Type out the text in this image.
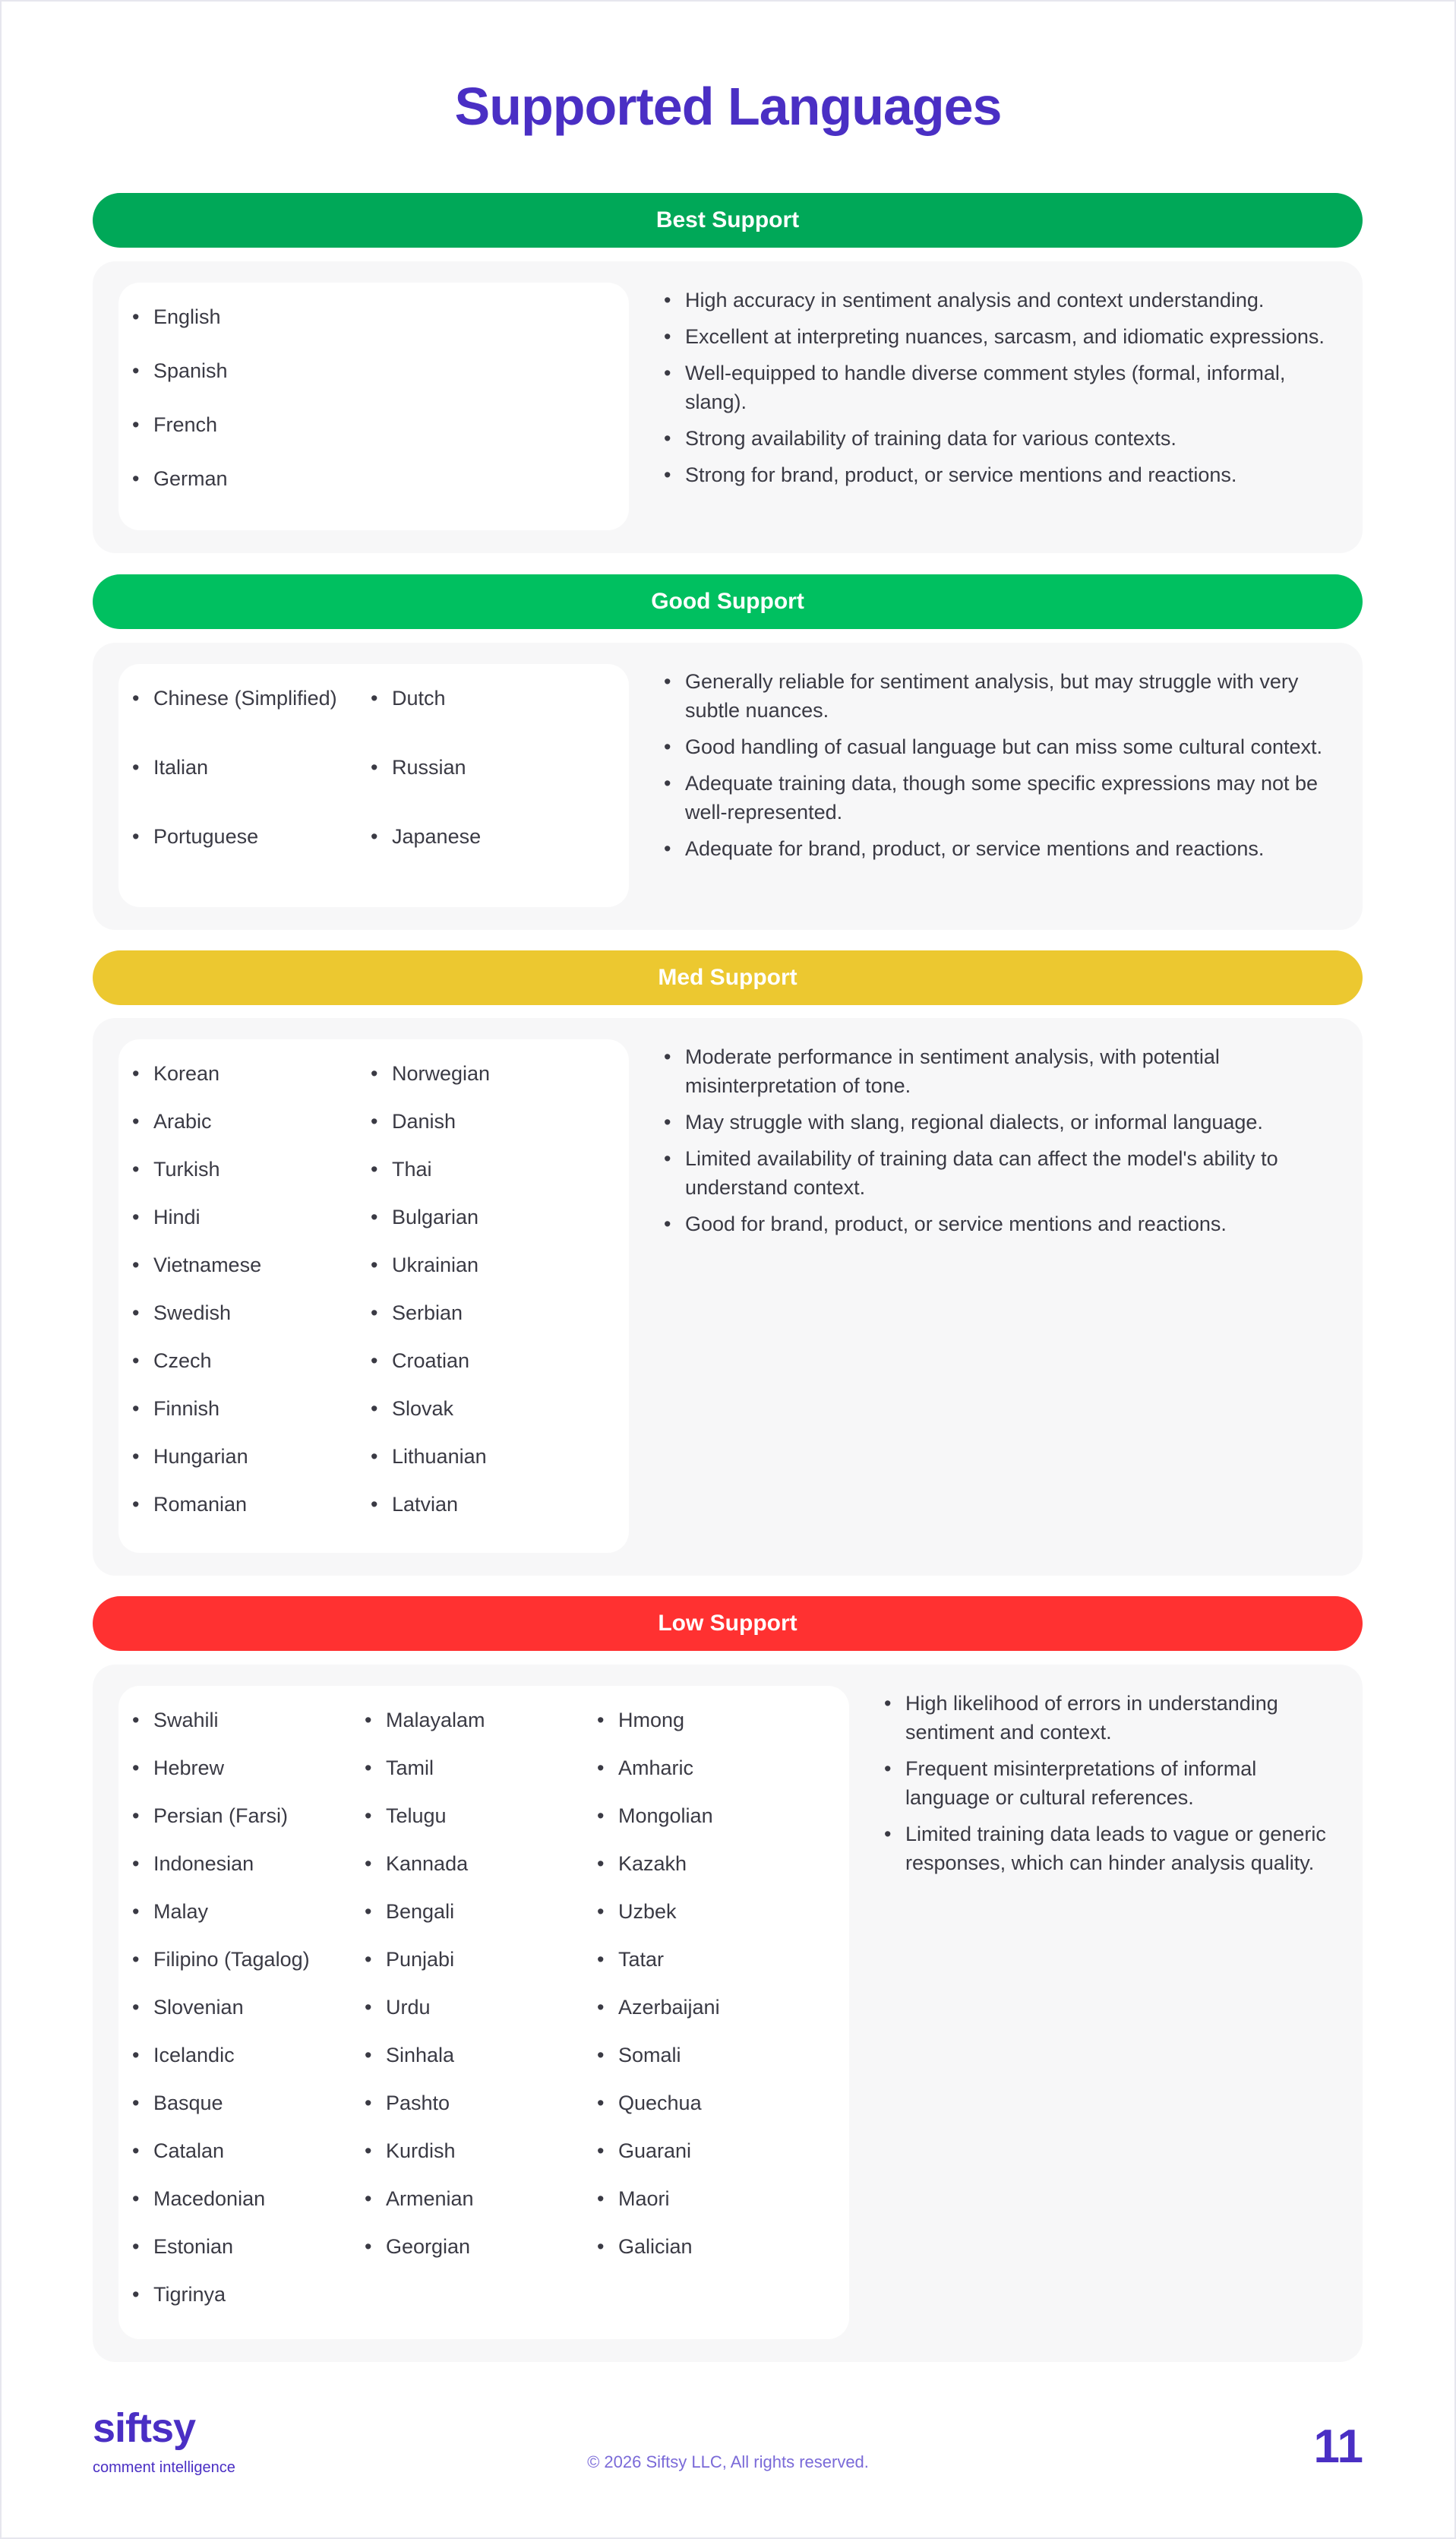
Supported Languages
Best Support
• English
• Spanish
• French
• German
• High accuracy in sentiment analysis and context understanding.
• Excellent at interpreting nuances, sarcasm, and idiomatic expressions.
• Well-equipped to handle diverse comment styles (formal, informal, slang).
• Strong availability of training data for various contexts.
• Strong for brand, product, or service mentions and reactions.
Good Support
• Chinese (Simplified)
• Italian
• Portuguese
• Dutch
• Russian
• Japanese
• Generally reliable for sentiment analysis, but may struggle with very subtle nuances.
• Good handling of casual language but can miss some cultural context.
• Adequate training data, though some specific expressions may not be well-represented.
• Adequate for brand, product, or service mentions and reactions.
Med Support
• Korean
• Arabic
• Turkish
• Hindi
• Vietnamese
• Swedish
• Czech
• Finnish
• Hungarian
• Romanian
• Norwegian
• Danish
• Thai
• Bulgarian
• Ukrainian
• Serbian
• Croatian
• Slovak
• Lithuanian
• Latvian
• Moderate performance in sentiment analysis, with potential misinterpretation of tone.
• May struggle with slang, regional dialects, or informal language.
• Limited availability of training data can affect the model's ability to understand context.
• Good for brand, product, or service mentions and reactions.
Low Support
• Swahili
• Hebrew
• Persian (Farsi)
• Indonesian
• Malay
• Filipino (Tagalog)
• Slovenian
• Icelandic
• Basque
• Catalan
• Macedonian
• Estonian
• Tigrinya
• Malayalam
• Tamil
• Telugu
• Kannada
• Bengali
• Punjabi
• Urdu
• Sinhala
• Pashto
• Kurdish
• Armenian
• Georgian
• Hmong
• Amharic
• Mongolian
• Kazakh
• Uzbek
• Tatar
• Azerbaijani
• Somali
• Quechua
• Guarani
• Maori
• Galician
• High likelihood of errors in understanding sentiment and context.
• Frequent misinterpretations of informal language or cultural references.
• Limited training data leads to vague or generic responses, which can hinder analysis quality.
siftsy
comment intelligence	© 2026 Siftsy LLC, All rights reserved.	11
